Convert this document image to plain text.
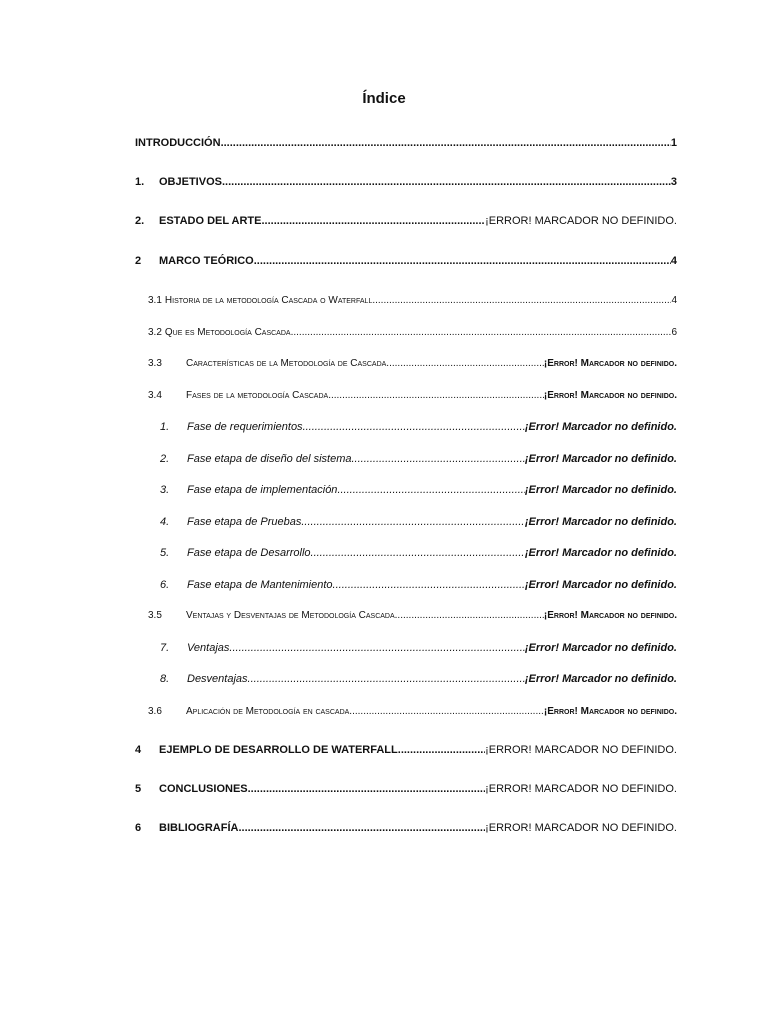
Índice
INTRODUCCIÓN .....	1
1.	OBJETIVOS .....	3
2.	ESTADO DEL ARTE .....	¡ERROR! MARCADOR NO DEFINIDO.
2	MARCO TEÓRICO .....	4
3.1 Historia de la metodología Cascada o Waterfall .....	4
3.2 Que es Metodología Cascada .....	6
3.3	Características de la Metodología de Cascada .....	¡Error! Marcador no definido.
3.4	Fases de la metodología Cascada .....	¡Error! Marcador no definido.
1.	Fase de requerimientos .....	¡Error! Marcador no definido.
2.	Fase etapa de diseño del sistema .....	¡Error! Marcador no definido.
3.	Fase etapa de implementación .....	¡Error! Marcador no definido.
4.	Fase etapa de Pruebas .....	¡Error! Marcador no definido.
5.	Fase etapa de Desarrollo .....	¡Error! Marcador no definido.
6.	Fase etapa de Mantenimiento .....	¡Error! Marcador no definido.
3.5	Ventajas y Desventajas de Metodología Cascada .....	¡Error! Marcador no definido.
7.	Ventajas .....	¡Error! Marcador no definido.
8.	Desventajas .....	¡Error! Marcador no definido.
3.6	Aplicación de Metodología en cascada .....	¡Error! Marcador no definido.
4	EJEMPLO DE DESARROLLO DE WATERFALL .....	¡ERROR! MARCADOR NO DEFINIDO.
5	CONCLUSIONES .....	¡ERROR! MARCADOR NO DEFINIDO.
6	BIBLIOGRAFÍA .....	¡ERROR! MARCADOR NO DEFINIDO.
